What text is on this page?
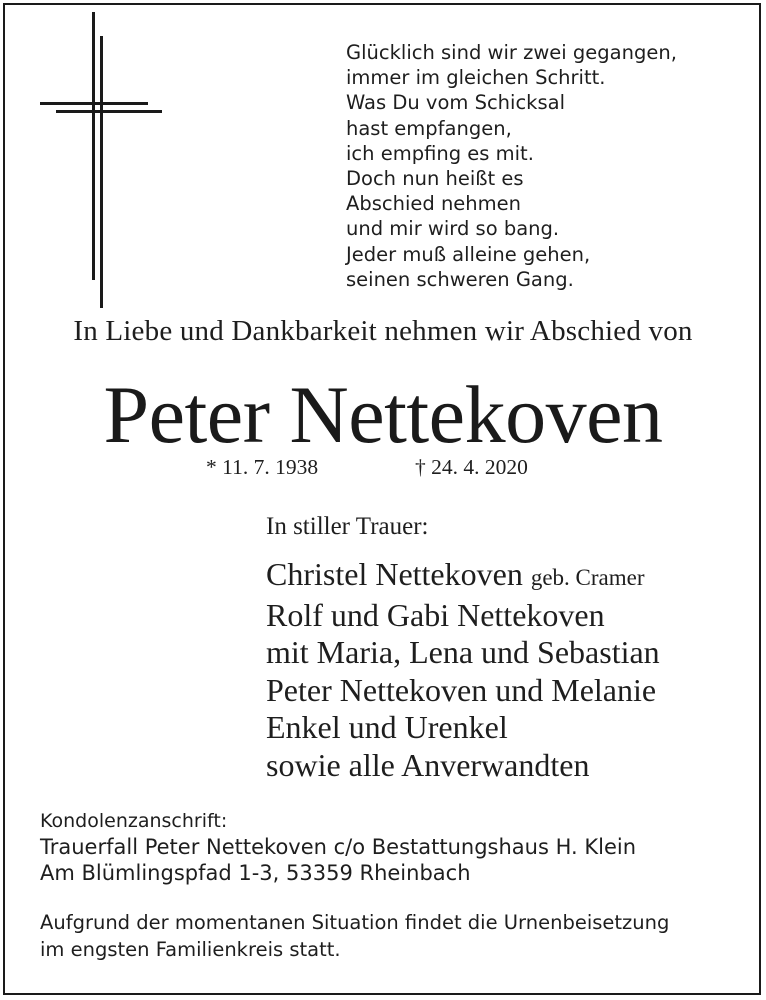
Glücklich sind wir zwei gegangen,
immer im gleichen Schritt.
Was Du vom Schicksal
hast empfangen,
ich empfing es mit.
Doch nun heißt es
Abschied nehmen
und mir wird so bang.
Jeder muß alleine gehen,
seinen schweren Gang.
In Liebe und Dankbarkeit nehmen wir Abschied von
Peter Nettekoven
* 11. 7. 1938	† 24. 4. 2020
In stiller Trauer:
Christel Nettekoven geb. Cramer
Rolf und Gabi Nettekoven
mit Maria, Lena und Sebastian
Peter Nettekoven und Melanie
Enkel und Urenkel
sowie alle Anverwandten
Kondolenzanschrift:
Trauerfall Peter Nettekoven c/o Bestattungshaus H. Klein
Am Blümlingspfad 1-3, 53359 Rheinbach
Aufgrund der momentanen Situation findet die Urnenbeisetzung
im engsten Familienkreis statt.
